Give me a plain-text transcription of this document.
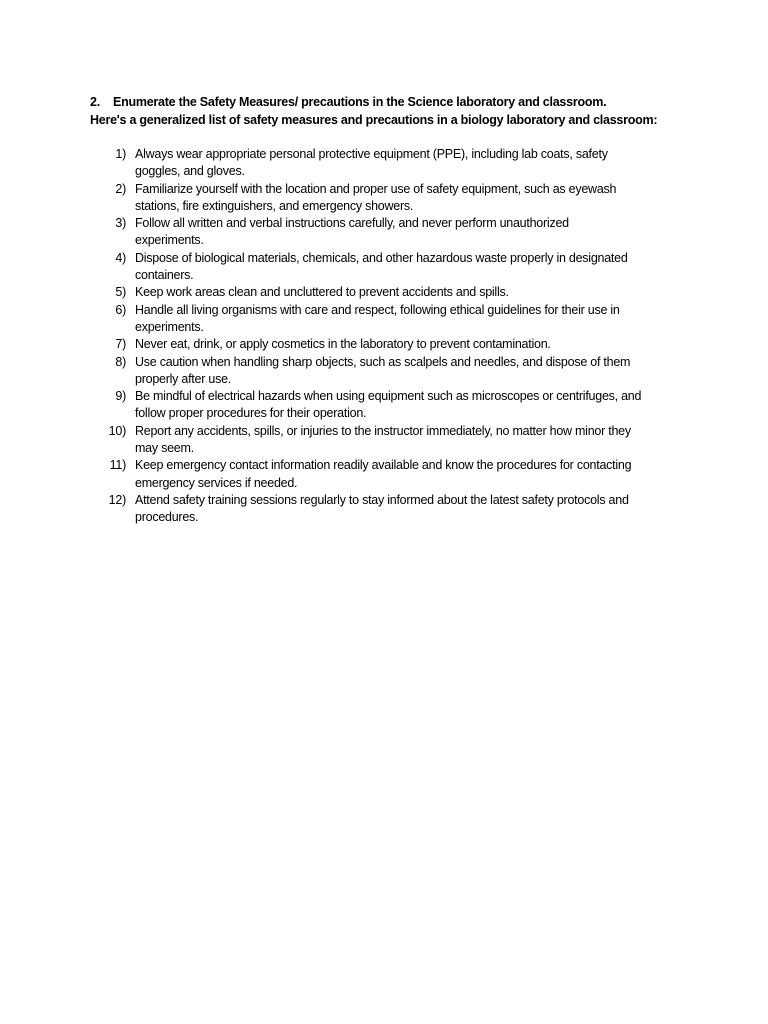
2. Enumerate the Safety Measures/ precautions in the Science laboratory and classroom.
Here's a generalized list of safety measures and precautions in a biology laboratory and classroom:
1) Always wear appropriate personal protective equipment (PPE), including lab coats, safety
goggles, and gloves.
2) Familiarize yourself with the location and proper use of safety equipment, such as eyewash
stations, fire extinguishers, and emergency showers.
3) Follow all written and verbal instructions carefully, and never perform unauthorized
experiments.
4) Dispose of biological materials, chemicals, and other hazardous waste properly in designated
containers.
5) Keep work areas clean and uncluttered to prevent accidents and spills.
6) Handle all living organisms with care and respect, following ethical guidelines for their use in
experiments.
7) Never eat, drink, or apply cosmetics in the laboratory to prevent contamination.
8) Use caution when handling sharp objects, such as scalpels and needles, and dispose of them
properly after use.
9) Be mindful of electrical hazards when using equipment such as microscopes or centrifuges, and
follow proper procedures for their operation.
10) Report any accidents, spills, or injuries to the instructor immediately, no matter how minor they
may seem.
11) Keep emergency contact information readily available and know the procedures for contacting
emergency services if needed.
12) Attend safety training sessions regularly to stay informed about the latest safety protocols and
procedures.
